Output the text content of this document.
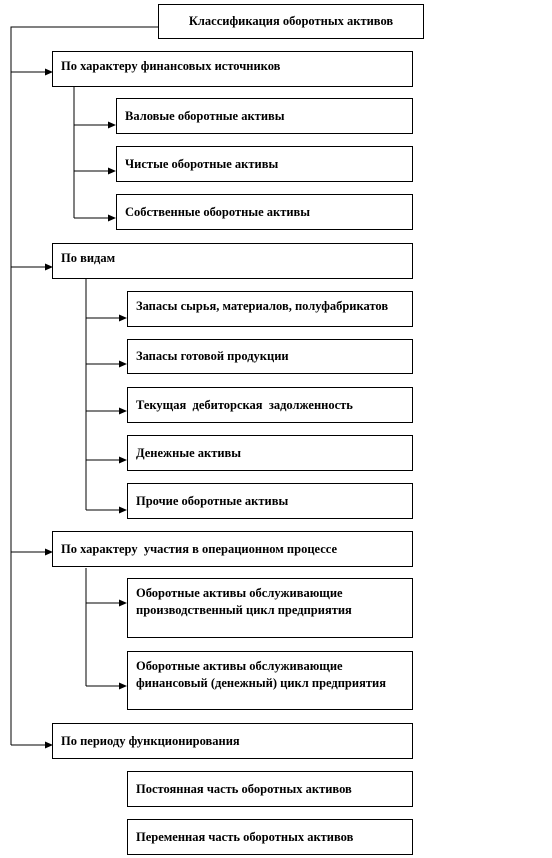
Классификация оборотных активов
По характеру финансовых источников
Валовые оборотные активы
Чистые оборотные активы
Собственные оборотные активы
По видам
Запасы сырья, материалов, полуфабрикатов
Запасы готовой продукции
Текущая  дебиторская  задолженность
Денежные активы
Прочие оборотные активы
По характеру  участия в операционном процессе
Оборотные активы обслуживающие производственный цикл предприятия
Оборотные активы обслуживающие финансовый (денежный) цикл предприятия
По периоду функционирования
Постоянная часть оборотных активов
Переменная часть оборотных активов
